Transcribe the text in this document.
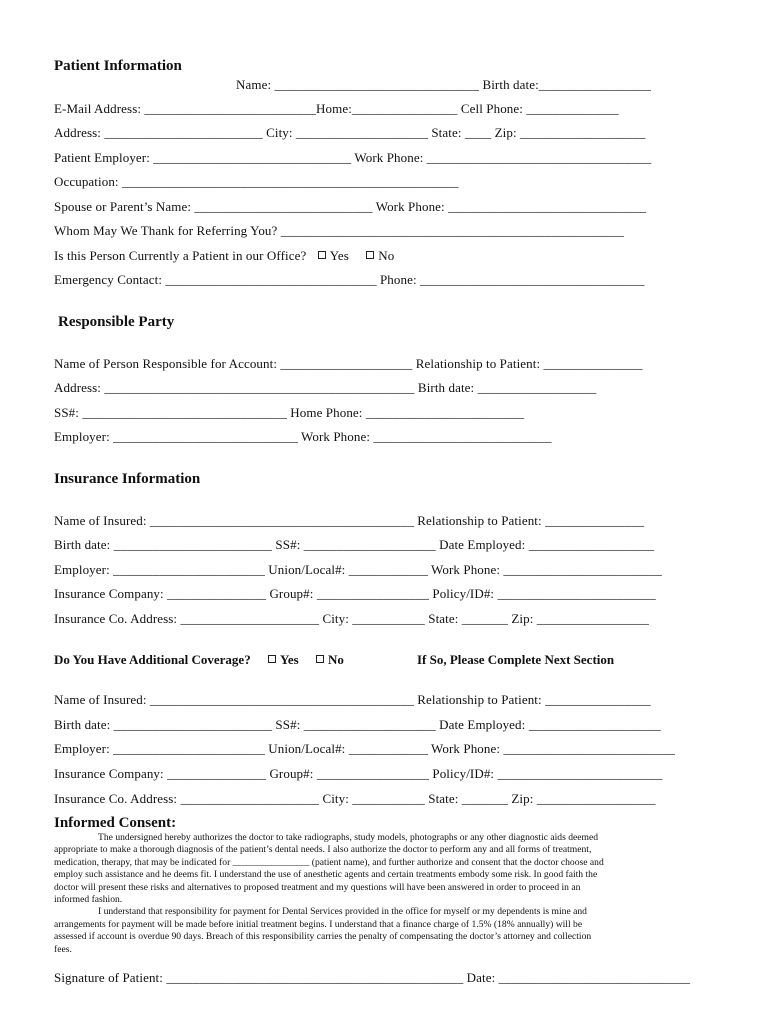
Patient Information
Name: _______________________________ Birth date:_________________
E-Mail Address: __________________________Home:________________ Cell Phone: ______________
Address: ________________________ City: ____________________ State: ____ Zip: ___________________
Patient Employer: ______________________________ Work Phone: __________________________________
Occupation: ___________________________________________________
Spouse or Parent’s Name: ___________________________ Work Phone: ______________________________
Whom May We Thank for Referring You? ____________________________________________________
Is this Person Currently a Patient in our Office? Yes No
Emergency Contact: ________________________________ Phone: __________________________________
Responsible Party
Name of Person Responsible for Account: ____________________ Relationship to Patient: _______________
Address: _______________________________________________ Birth date: __________________
SS#: _______________________________ Home Phone: ________________________
Employer: ____________________________ Work Phone: ___________________________
Insurance Information
Name of Insured: ________________________________________ Relationship to Patient: _______________
Birth date: ________________________ SS#: ____________________ Date Employed: ___________________
Employer: _______________________ Union/Local#: ____________ Work Phone: ________________________
Insurance Company: _______________ Group#: _________________ Policy/ID#: ________________________
Insurance Co. Address: _____________________ City: ___________ State: _______ Zip: _________________
Do You Have Additional Coverage? Yes No	If So, Please Complete Next Section
Name of Insured: ________________________________________ Relationship to Patient: ________________
Birth date: ________________________ SS#: ____________________ Date Employed: ____________________
Employer: _______________________ Union/Local#: ____________ Work Phone: __________________________
Insurance Company: _______________ Group#: _________________ Policy/ID#: _________________________
Insurance Co. Address: _____________________ City: ___________ State: _______ Zip: __________________
Informed Consent:

The undersigned hereby authorizes the doctor to take radiographs, study models, photographs or any other diagnostic aids deemed

appropriate to make a thorough diagnosis of the patient’s dental needs. I also authorize the doctor to perform any and all forms of treatment,

medication, therapy, that may be indicated for ________________ (patient name), and further authorize and consent that the doctor choose and

employ such assistance and he deems fit. I understand the use of anesthetic agents and certain treatments embody some risk. In good faith the

doctor will present these risks and alternatives to proposed treatment and my questions will have been answered in order to proceed in an

informed fashion.

I understand that responsibility for payment for Dental Services provided in the office for myself or my dependents is mine and

arrangements for payment will be made before initial treatment begins. I understand that a finance charge of 1.5% (18% annually) will be

assessed if account is overdue 90 days. Breach of this responsibility carries the penalty of compensating the doctor’s attorney and collection

fees.

Signature of Patient: _____________________________________________ Date: _____________________________
